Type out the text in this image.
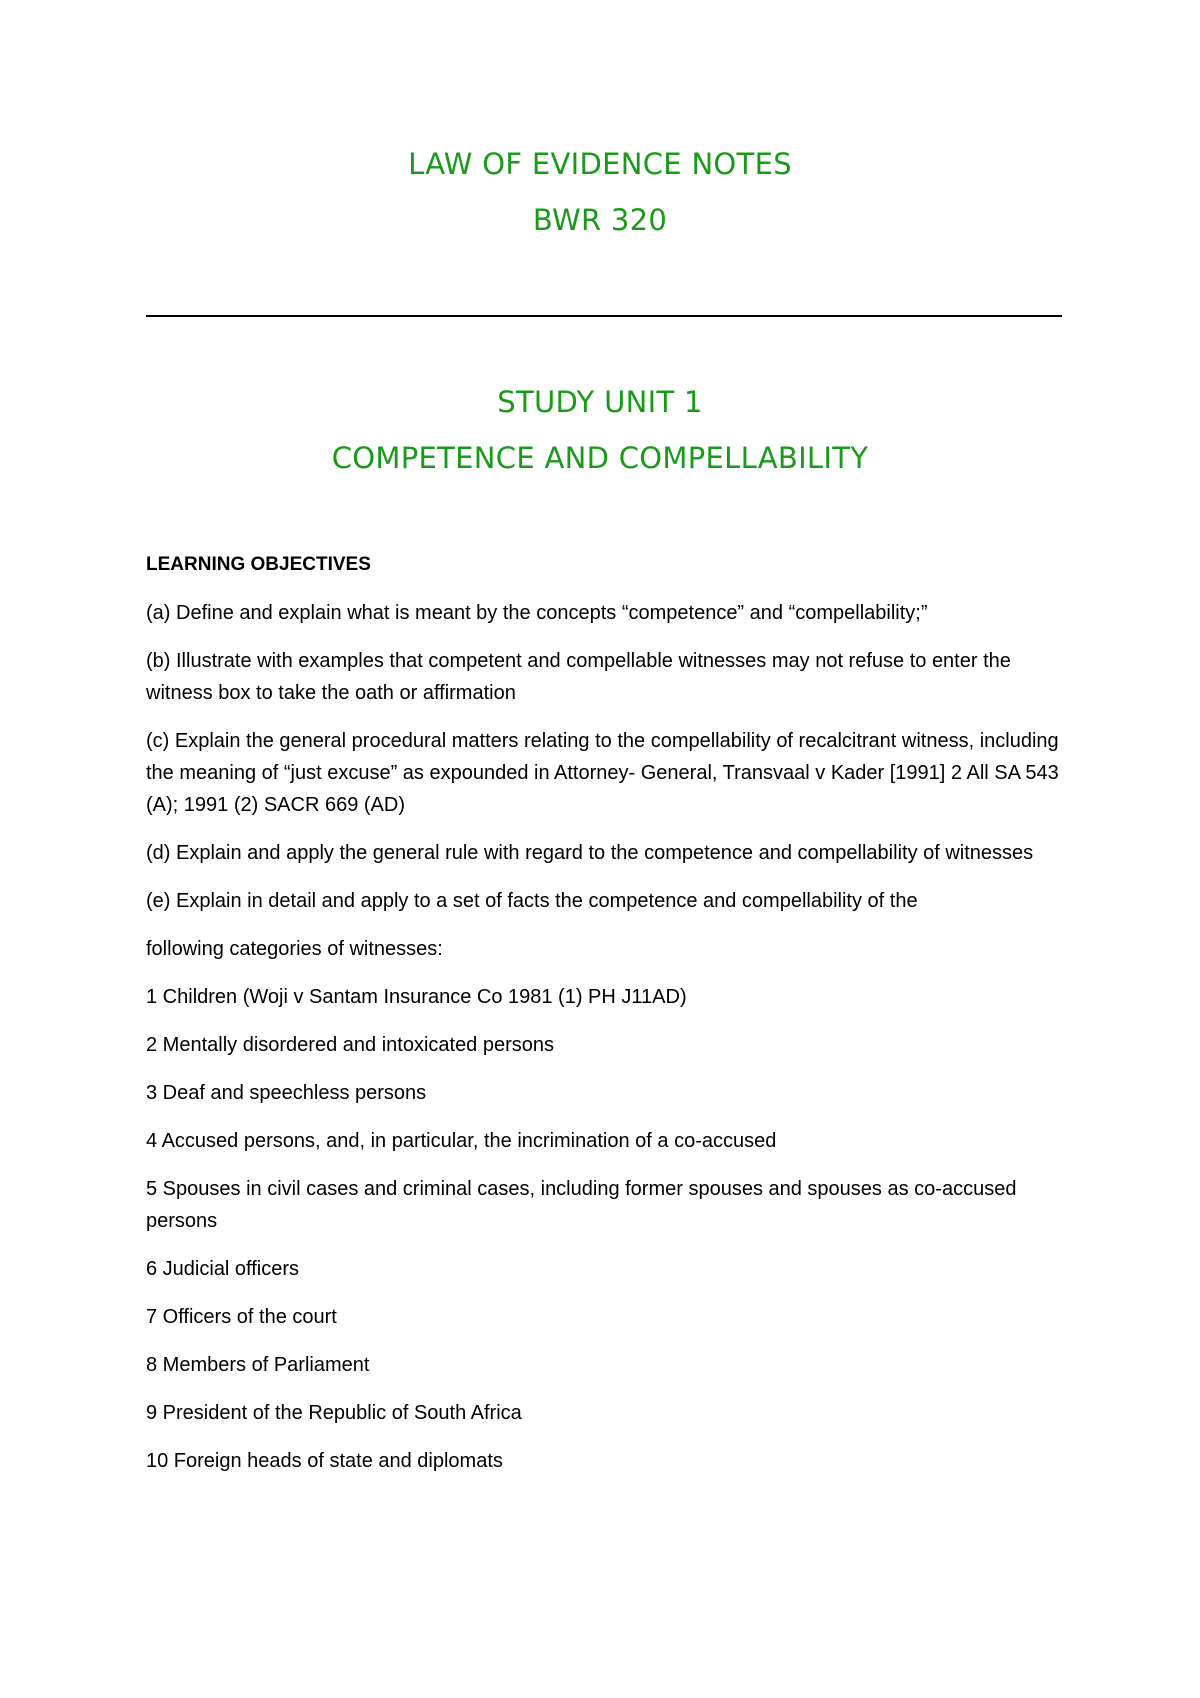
LAW OF EVIDENCE NOTES
BWR 320
STUDY UNIT 1
COMPETENCE AND COMPELLABILITY

LEARNING OBJECTIVES

(a) Define and explain what is meant by the concepts “competence” and “compellability;”

(b) Illustrate with examples that competent and compellable witnesses may not refuse to enter the witness box to take the oath or affirmation

(c) Explain the general procedural matters relating to the compellability of recalcitrant witness, including the meaning of “just excuse” as expounded in Attorney- General, Transvaal v Kader [1991] 2 All SA 543 (A); 1991 (2) SACR 669 (AD)

(d) Explain and apply the general rule with regard to the competence and compellability of witnesses

(e) Explain in detail and apply to a set of facts the competence and compellability of the

following categories of witnesses:

1 Children (Woji v Santam Insurance Co 1981 (1) PH J11AD)

2 Mentally disordered and intoxicated persons

3 Deaf and speechless persons

4 Accused persons, and, in particular, the incrimination of a co-accused

5 Spouses in civil cases and criminal cases, including former spouses and spouses as co-accused persons

6 Judicial officers

7 Officers of the court

8 Members of Parliament

9 President of the Republic of South Africa

10 Foreign heads of state and diplomats
